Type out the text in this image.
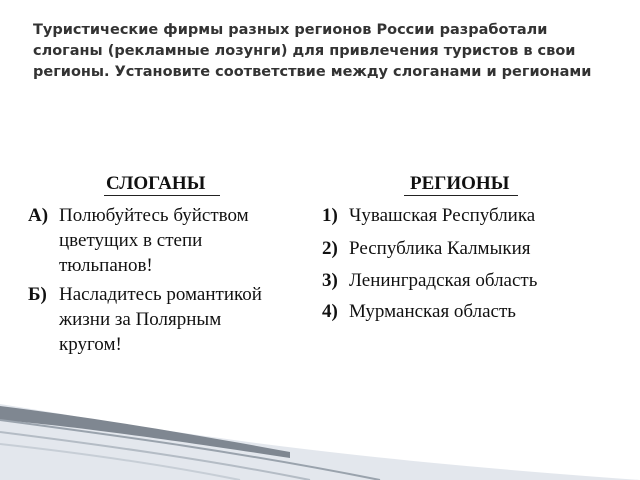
Туристические фирмы разных регионов России разработали слоганы (рекламные лозунги) для привлечения туристов в свои регионы. Установите соответствие между слоганами и регионами
СЛОГАНЫ	РЕГИОНЫ
А) Полюбуйтесь буйством
цветущих в степи
тюльпанов!
Б) Насладитесь романтикой
жизни за Полярным
кругом!
1) Чувашская Республика
2) Республика Калмыкия
3) Ленинградская область
4) Мурманская область
